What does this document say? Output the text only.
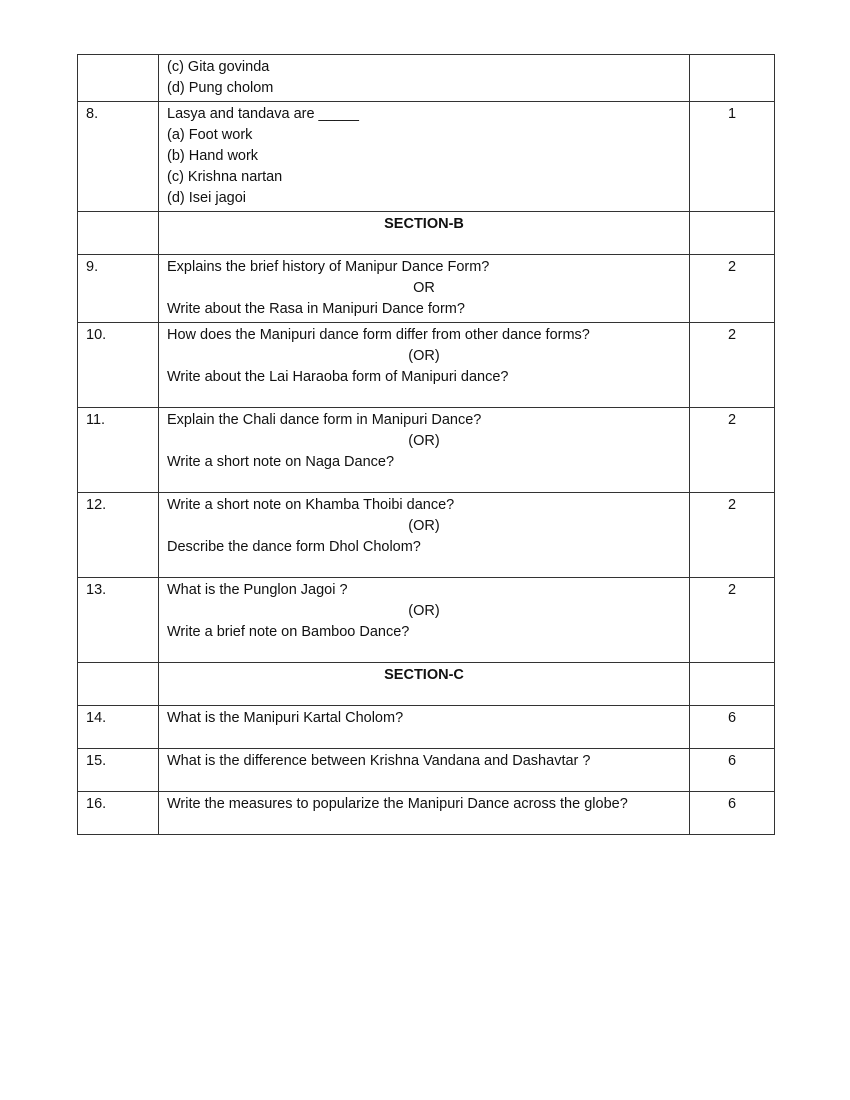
	(c) Gita govinda
(d) Pung cholom	

8.	Lasya and tandava are _____
(a) Foot work
(b) Hand work
(c) Krishna nartan
(d) Isei jagoi	1
	SECTION-B	
9.	Explains the brief history of Manipur Dance Form?
OR
Write about the Rasa in Manipuri Dance form?	2
10.	How does the Manipuri dance form differ from other dance forms?
(OR)
Write about the Lai Haraoba form of Manipuri dance?	2
11.	Explain the Chali dance form in Manipuri Dance?
(OR)
Write a short note on Naga Dance?	2
12.	Write a short note on Khamba Thoibi dance?
(OR)
Describe the dance form Dhol Cholom?	2
13.	What is the Punglon Jagoi ?
(OR)
Write a brief note on Bamboo Dance?	2
	SECTION-C	
14.	What is the Manipuri Kartal Cholom?	6
15.	What is the difference between Krishna Vandana and Dashavtar ?	6
16.	Write the measures to popularize the Manipuri Dance across the globe?	6
